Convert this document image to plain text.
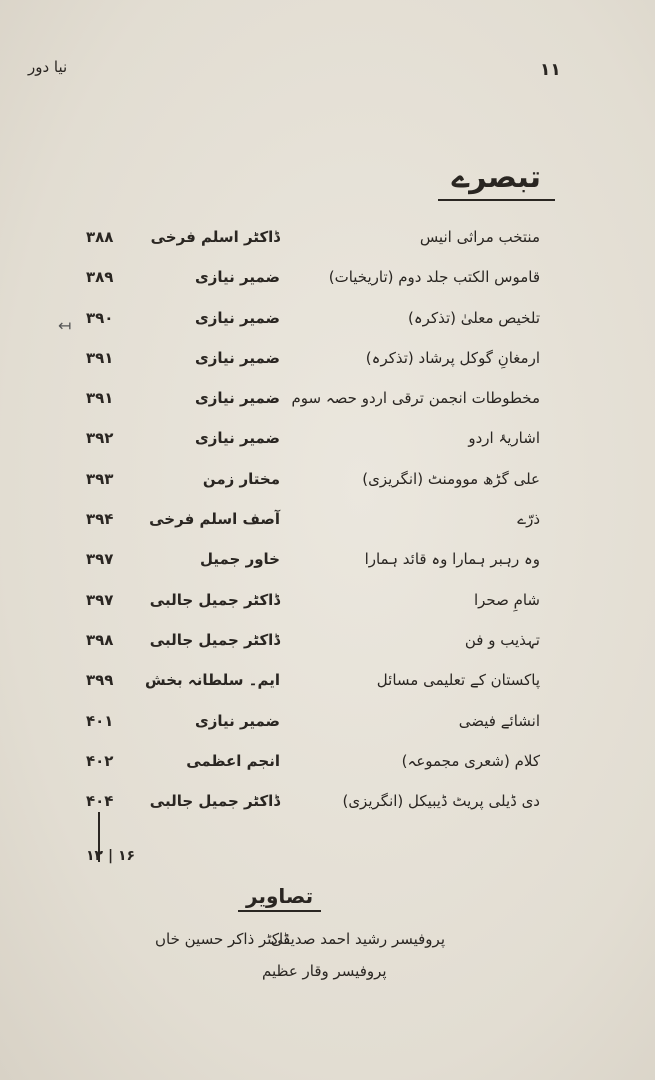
۱۱
نیا دور
تبصرے
منتخب مراثی انیس
ڈاکٹر اسلم فرخی
۳۸۸
قاموس الکتب جلد دوم (تاریخیات)
ضمیر نیازی
۳۸۹
تلخیص معلیٰ (تذکرہ)
ضمیر نیازی
۳۹۰
ارمغانِ گوکل پرشاد (تذکرہ)
ضمیر نیازی
۳۹۱
مخطوطات انجمن ترقی اردو حصہ سوم
ضمیر نیازی
۳۹۱
اشاریۂ اردو
ضمیر نیازی
۳۹۲
علی گڑھ موومنٹ (انگریزی)
مختار زمن
۳۹۳
ذرّے
آصف اسلم فرخی
۳۹۴
وہ رہبر ہمارا وہ قائد ہمارا
خاور جمیل
۳۹۷
شامِ صحرا
ڈاکٹر جمیل جالبی
۳۹۷
تہذیب و فن
ڈاکٹر جمیل جالبی
۳۹۸
پاکستان کے تعلیمی مسائل
ایم۔ سلطانہ بخش
۳۹۹
انشائے فیضی
ضمیر نیازی
۴۰۱
کلام (شعری مجموعہ)
انجم اعظمی
۴۰۲
دی ڈیلی پریٹ ڈیبیکل (انگریزی)
ڈاکٹر جمیل جالبی
۴۰۴
↤
۱۶ | ۱۲
تصاویر
پروفیسر رشید احمد صدیقی
ڈاکٹر ذاکر حسین خاں
پروفیسر وقار عظیم
